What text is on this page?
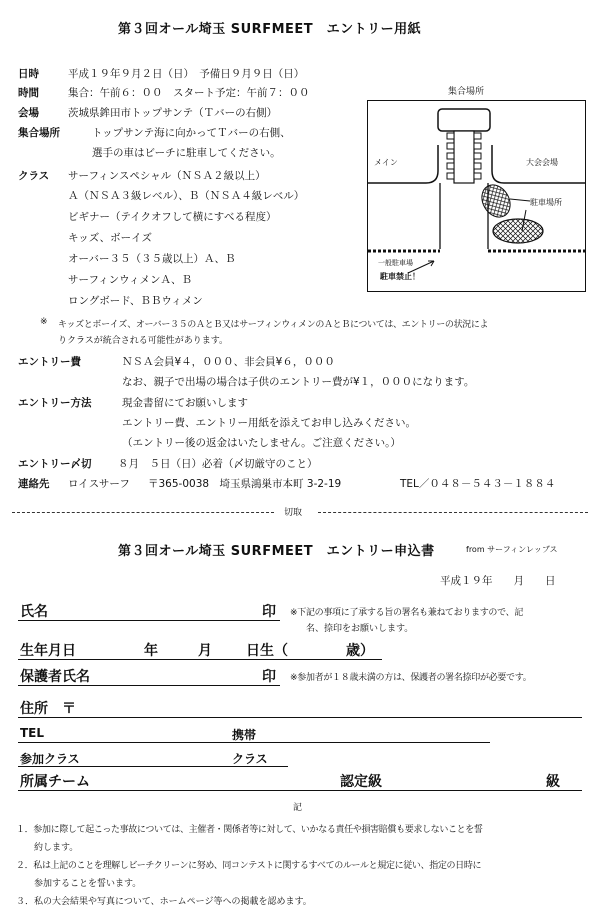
第３回オール埼玉 SURFMEET　エントリー用紙
日時	平成１９年９月２日（日）　予備日９月９日（日）
時間	集合：午前６：００　スタート予定：午前７：００
会場	茨城県鉾田市トップサンテ（Ｔバーの右側）
集合場所	トップサンテ海に向かってＴバーの右側、
選手の車はビーチに駐車してください。
クラス サーフィンスペシャル（ＮＳＡ２級以上）
Ａ（ＮＳＡ３級レベル）、Ｂ（ＮＳＡ４級レベル）
ビギナー（テイクオフして横にすべる程度）
キッズ、ボーイズ
オーバー３５（３５歳以上）Ａ、Ｂ
サーフィンウィメンＡ、Ｂ
ロングボード、ＢＢウィメン
※ キッズとボーイズ、オーバー３５のＡとＢ又はサーフィンウィメンのＡとＢについては、エントリーの状況によ
りクラスが統合される可能性があります。
エントリー費	ＮＳＡ会員¥４，０００、非会員¥６，０００
なお、親子で出場の場合は子供のエントリー費が¥１，０００になります。
エントリー方法	現金書留にてお願いします
エントリー費、エントリー用紙を添えてお申し込みください。
（エントリー後の返金はいたしません。ご注意ください。）
エントリー〆切	８月　５日（日）必着（〆切厳守のこと）
連絡先 ロイスサーフ 〒365-0038　埼玉県鴻巣市本町 3-2-19	TEL／０４８－５４３－１８８４
集合場所
メイン	大会会場
駐車場所
一般駐車場
駐車禁止！
切取
第３回オール埼玉 SURFMEET　エントリー申込書	from サーフィンレッブス
平成１９年　　月　　日
氏名	印 ※下記の事項に了承する旨の署名も兼ねておりますので、記
名、捺印をお願いします。
生年月日	年	月 日生（	歳）
保護者氏名	印 ※参加者が１８歳未満の方は、保護者の署名捺印が必要です。
住所　〒
TEL	携帯
参加クラス	クラス
所属チーム	認定級	級
記
１．参加に際して起こった事故については、主催者・関係者等に対して、いかなる責任や損害賠償も要求しないことを誓
　　約します。
２．私は上記のことを理解しビーチクリーンに努め、同コンテストに関するすべてのルールと規定に従い、指定の日時に
　　参加することを誓います。
３．私の大会結果や写真について、ホームページ等への掲載を認めます。
